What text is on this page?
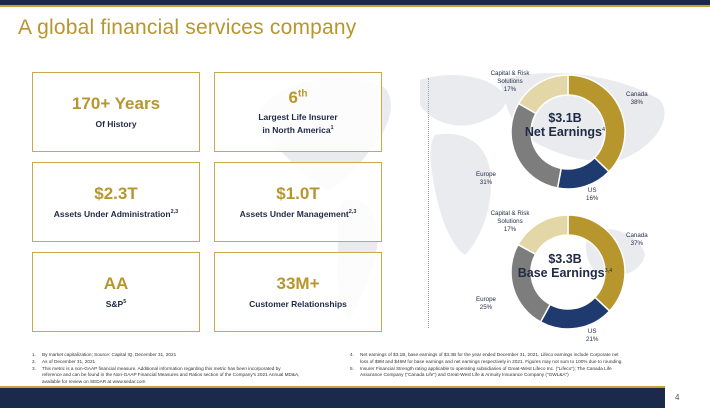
A global financial services company
170+ Years
Of History
6th
Largest Life Insurer
in North America$^1$
$2.3T
Assets Under Administration$^{2,3}$
$1.0T
Assets Under Management$^{2,3}$
AA
$S\&P^5$
33M+
Customer Relationships
$3.1B
Net Earnings$^4$
Canada
38%
US
16%
Europe
31%
Capital & Risk Solutions
17%
$3.3B
Base Earnings$^{3,4}$
Canada
37%
US
21%
Europe
25%
Capital & Risk Solutions
17%
1.	By market capitalization; Source: Capital IQ, December 31, 2021
2.	As of December 31, 2021
3.	This metric is a non-GAAP financial measure. Additional information regarding this metric has been incorporated by
reference and can be found in the Non-GAAP Financial Measures and Ratios section of the Company's 2021 Annual MD&A,
available for review on SEDAR at www.sedar.com
4.	Net earnings of $3.1B, base earnings of $3.3B for the year ended December 31, 2021. Lifeco earnings include Corporate net
loss of $8M and $46M for base earnings and net earnings respectively in 2021. Figures may not sum to 100% due to rounding.
5.	Insurer Financial Strength rating applicable to operating subsidiaries of Great-West Lifeco Inc. ("Lifeco"); The Canada Life
Assurance Company ("Canada Life") and Great-West Life & Annuity Insurance Company ("GWL&A")
4
